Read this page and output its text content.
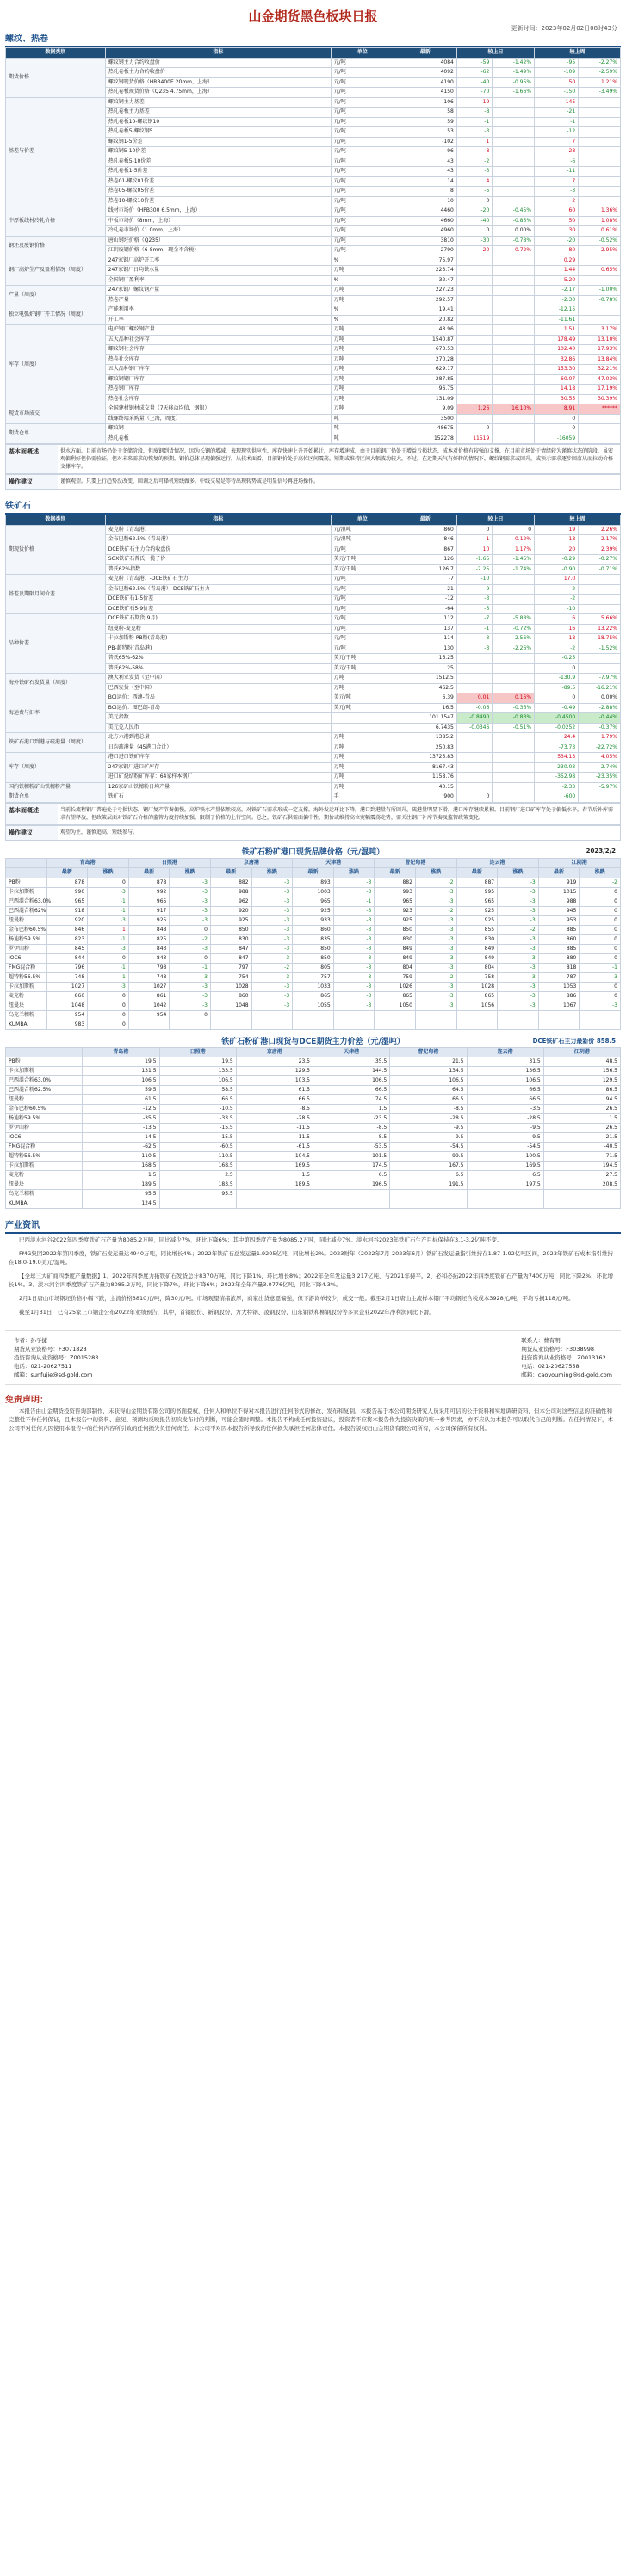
山金期货黑色板块日报
更新时间：2023年02月02日08时43分
螺纹、热卷
数据类别	指标	单位	最新	较上日		较上周	
期货价格	螺纹钢主力合约收盘价	元/吨	4084	-59	-1.42%	-95	-2.27%
	热轧卷板主力合约收盘价	元/吨	4092	-62	-1.49%	-109	-2.59%
	螺纹钢现货价格（HRB400E 20mm，上海）	元/吨	4190	-40	-0.95%	50	1.21%
	热轧卷板现货价格（Q235 4.75mm，上海）	元/吨	4150	-70	-1.66%	-150	-3.49%
基差与价差	螺纹钢主力基差	元/吨	106	19		145	
	热轧卷板主力基差	元/吨	58	-8		-21	
	热轧卷板10-螺纹钢10	元/吨	59	-1		-1	
	热轧卷板5-螺纹钢5	元/吨	53	-3		-12	
	螺纹钢1-5价差	元/吨	-102	1		7	
	螺纹钢5-10价差	元/吨	-96	8		28	
	热轧卷板5-10价差	元/吨	43	-2		-6	
	热轧卷板1-5价差	元/吨	43	-3		-11	
	热卷01-螺纹01价差	元/吨	14	4		7	
	热卷05-螺纹05价差	元/吨	8	-5		-3	
	热卷10-螺纹10价差	元/吨	10	0		2	
中厚板线材冷轧价格	线材市场价（HPB300 6.5mm，上海）	元/吨	4460	-20	-0.45%	60	1.36%
	中板市场价（8mm，上海）	元/吨	4660	-40	-0.85%	50	1.08%
	冷轧卷市场价（1.0mm，上海）	元/吨	4960	0	0.00%	30	0.61%
钢坯及废钢价格	唐山钢坯价格（Q235）	元/吨	3810	-30	-0.78%	-20	-0.52%
	江阴废钢价格（6-8mm，现金不含税）	元/吨	2790	20	0.72%	80	2.95%
钢厂高炉生产及盈利情况（周度）	247家钢厂高炉开工率	%	75.97			0.29	
	247家钢厂日均铁水量	万吨	223.74			1.44	0.65%
	全国钢厂盈利率	%	32.47			5.20	
产量（周度）	247家钢厂螺纹钢产量	万吨	227.23			-2.17	-1.00%
	热卷产量	万吨	292.57			-2.30	-0.78%
独立电弧炉钢厂开工情况（周度）	产能利用率	%	19.41			-12.15	
	开工率	%	20.82			-11.61	
库存（周度）	电炉钢厂螺纹钢产量	万吨	48.96			1.51	3.17%
	五大品种社会库存	万吨	1540.87			178.49	13.10%
	螺纹钢社会库存	万吨	673.53			102.40	17.93%
	热卷社会库存	万吨	270.28			32.86	13.84%
	五大品种钢厂库存	万吨	629.17			153.30	32.21%
	螺纹钢钢厂库存	万吨	287.85			60.07	47.03%
	热卷钢厂库存	万吨	96.75			14.18	17.19%
	热卷社会库存	万吨	131.09			30.55	30.39%
现货市场成交	全国建材钢材成交量（7天移动均值，钢银）	万吨	9.09	1.26	16.10%	8.91	******
	线螺终端采购量（上海，周度）	吨	3500			0	
期货仓单	螺纹钢	吨	48675	0		0	
	热轧卷板	吨	152278	11519		-16059	
基本面概述	供水方面，目前市场仍处于冬储阶段，但废钢到货情况，因为长钢的增减，表现现实供应性，库存快速上升开始累计，库存增速成，由于目前钢厂仍处于增益亏损状态，成本对价格有较强的支撑，在目前市场处于情绪较为谨慎状态的阶段，虽宏观偏利好但仍需验证，但对未来需求的恢复的预期，钢价总体呈现偏强运行，从技术面看，目前钢价处于高位区间震荡，短期或维持区间大幅波动较大，不过，在近期天气有好转的情况下，螺纹钢需求或回升，或预示需求逐步回落从而拉动价格支撑库存。
操作建议	谨慎观望。只要上行趋势没改变，回调之后可择机短线做多。中线交易是等待出现转势或是明显信号再进场操作。
铁矿石
数据类别	指标	单位	最新	较上日		较上周	
期现货价格	麦克粉（青岛港）	元/湿吨	860	0	0	19	2.26%
	金布巴粉62.5%（青岛港）	元/湿吨	846	1	0.12%	18	2.17%
	DCE铁矿石主力合约收盘价	元/吨	867	10	1.17%	20	2.39%
	SGX铁矿石普氏一揽子价	美元/干吨	126	-1.65	-1.45%	-0.29	-0.27%
	普氏62%指数	美元/干吨	126.7	-2.25	-1.74%	-0.90	-0.71%
基差及期限月间价差	麦克粉（青岛港）-DCE铁矿石主力	元/吨	-7	-10		17.0	
	金布巴粉62.5%（青岛港）-DCE铁矿石主力	元/吨	-21	-9		-2	
	DCE铁矿石1-5价差	元/吨	-12	-3		-2	
	DCE铁矿石5-9价差	元/吨	-64	-5		-10	
品种价差	DCE铁矿石期货(9月)	元/吨	112	-7	-5.88%	6	5.66%
	纽曼粉-麦克粉	元/吨	137	-1	-0.72%	16	13.22%
	卡拉加斯粉-PB粉(青岛港)	元/吨	114	-3	-2.56%	18	18.75%
	PB-超特粉(青岛港)	元/吨	130	-3	-2.26%	-2	-1.52%
	普氏65%-62%	美元/干吨	16.25			-0.25	
	普氏62%-58%	美元/干吨	25			0	
海外铁矿石发货量（周度）	澳大利亚发货（至中国）	万吨	1512.5			-130.9	-7.97%
	巴西发货（至中国）	万吨	462.5			-89.5	-16.21%
海运费与汇率	BCI运价：西澳-青岛	美元/吨	6.39	0.01	0.16%	0	0.00%
	BCI运价：图巴朗-青岛	美元/吨	16.5	-0.06	-0.36%	-0.49	-2.88%
	美元指数		101.1547	-0.8490	-0.83%	-0.4500	-0.44%
	美元兑人民币		6.7435	-0.0346	-0.51%	-0.0252	-0.37%
铁矿石港口到港与疏港量（周度）	北方六港到港总量	万吨	1385.2			24.4	1.79%
	日均疏港量（45港口合计）	万吨	250.83			-73.73	-22.72%
库存（周度）	港口进口铁矿库存	万吨	13725.83			534.13	4.05%
	247家钢厂进口矿库存	万吨	8167.43			-230.03	-2.74%
	进口矿烧结粉矿库存：64家样本钢厂	万吨	1158.76			-352.98	-23.35%
国内铁精粉矿山铁精粉产量	126家矿山铁精粉日均产量	万吨	40.15			-2.33	-5.97%
期货仓单	铁矿石	手	900	0		-600	
基本面概述	当前长流程钢厂普遍处于亏损状态，钢厂复产节奏偏慢，高炉铁水产量依然较高，对铁矿石需求形成一定支撑。海外发运环比下降，港口到港量有所回升，疏港量明显下滑，港口库存继续累积。目前钢厂进口矿库存处于偏低水平，春节后补库需求有望释放，但政策层面对铁矿石价格的监管力度持续加强，限制了价格的上行空间。总之，铁矿石供需面偏中性，期价或维持高位宽幅震荡走势，需关注钢厂补库节奏及监管政策变化。
操作建议	观望为主，谨慎追高，短线参与。
铁矿石粉矿港口现货品牌价格（元/湿吨）	2023/2/2
	青岛港		日照港		京唐港		天津港		曹妃甸港		连云港		江阴港	
	最新	涨跌	最新	涨跌	最新	涨跌	最新	涨跌	最新	涨跌	最新	涨跌	最新	涨跌
PB粉	878	0	878	-3	882	-3	893	-3	882	-2	887	-3	919	-2
卡拉加斯粉	990	-3	992	-3	988	-3	1003	-3	993	-3	995	-3	1015	0
巴西混合粉63.0%	965	-1	965	-3	962	-3	965	-1	965	-3	965	-3	988	0
巴西混合粉62%	918	-1	917	-3	920	-3	925	-3	923	-2	925	-3	945	0
纽曼粉	920	-3	925	-3	925	-3	933	-3	925	-3	925	-3	953	0
金布巴粉60.5%	846	1	848	0	850	-3	860	-3	850	-3	855	-2	885	0
杨迪粉59.5%	823	-1	825	-2	830	-3	835	-3	830	-3	830	-3	860	0
罗伊山粉	845	-3	843	-3	847	-3	850	-3	849	-3	849	-3	885	0
IOC6	844	0	843	0	847	-3	850	-3	849	-3	849	-3	880	0
FMG混合粉	796	-1	798	-1	797	-2	805	-3	804	-3	804	-3	818	-1
超特粉56.5%	748	-1	748	-3	754	-3	757	-3	759	-2	758	-3	787	-3
卡拉加斯粉	1027	-3	1027	-3	1028	-3	1033	-3	1026	-3	1028	-3	1053	0
麦克粉	860	0	861	-3	860	-3	865	-3	865	-3	865	-3	886	0
纽曼块	1048	0	1042	-3	1048	-3	1055	-3	1050	-3	1056	-3	1067	-3
乌克兰精粉	954	0	954	0										
KUMBA	983	0												
铁矿石粉矿港口现货与DCE期货主力价差（元/湿吨）	DCE铁矿石主力最新价 858.5
	青岛港	日照港	京唐港	天津港	曹妃甸港	连云港	江阴港
PB粉	19.5	19.5	23.5	35.5	21.5	31.5	48.5
卡拉加斯粉	131.5	133.5	129.5	144.5	134.5	136.5	156.5
巴西混合粉63.0%	106.5	106.5	103.5	106.5	106.5	106.5	129.5
巴西混合粉62.5%	59.5	58.5	61.5	66.5	64.5	66.5	86.5
纽曼粉	61.5	66.5	66.5	74.5	66.5	66.5	94.5
金布巴粉60.5%	-12.5	-10.5	-8.5	1.5	-8.5	-3.5	26.5
杨迪粉59.5%	-35.5	-33.5	-28.5	-23.5	-28.5	-28.5	1.5
罗伊山粉	-13.5	-15.5	-11.5	-8.5	-9.5	-9.5	26.5
IOC6	-14.5	-15.5	-11.5	-8.5	-9.5	-9.5	21.5
FMG混合粉	-62.5	-60.5	-61.5	-53.5	-54.5	-54.5	-40.5
超特粉56.5%	-110.5	-110.5	-104.5	-101.5	-99.5	-100.5	-71.5
卡拉加斯粉	168.5	168.5	169.5	174.5	167.5	169.5	194.5
麦克粉	1.5	2.5	1.5	6.5	6.5	6.5	27.5
纽曼块	189.5	183.5	189.5	196.5	191.5	197.5	208.5
乌克兰精粉	95.5	95.5					
KUMBA	124.5						
产业资讯

巴西淡水河谷2022年四季度铁矿石产量为8085.2万吨，同比减少7%，环比下降6%；其中第四季度产量为8085.2万吨，同比减少7%。淡水河谷2023年铁矿石生产目标保持在3.1-3.2亿吨不变。

FMG集团2022年第四季度，铁矿石发运量达4940万吨，同比增长4%；2022年铁矿石总发运量1.9205亿吨，同比增长2%。2023财年（2022年7月-2023年6月）铁矿石发运量指引维持在1.87-1.92亿吨区间，2023年铁矿石成本指引维持在18.0-19.0美元/湿吨。

【全球三大矿商四季度产量数据】1、2022年四季度力拓铁矿石发货总计8370万吨，同比下降1%，环比增长8%；2022年全年发运量3.217亿吨，与2021年持平。2、必和必拓2022年四季度铁矿石产量为7400万吨，同比下降2%，环比增长1%。3、淡水河谷四季度铁矿石产量为8085.2万吨，同比下降7%，环比下降6%；2022年全年产量3.0776亿吨，同比下降4.3%。

2月1日唐山市场钢坯价格小幅下跌，主流价格3810元/吨，降30元/吨。市场观望情绪浓厚，商家出货意愿偏强，但下游询单较少，成交一般。截至2月1日唐山主流样本钢厂平均钢坯含税成本3928元/吨，平均亏损118元/吨。

截至1月31日，已有25家上市钢企公布2022年业绩预告，其中，首钢股份、新钢股份、方大特钢、凌钢股份、山东钢铁和柳钢股份等多家企业2022年净利润同比下滑。

作者：孙孚捷
期货从业资格号：F3071828
投资咨询从业资格号：Z0015283
电话：021-20627511
邮箱：sunfujie@sd-gold.com
联系人：曹有明
期货从业资格号：F3038998
投资咨询从业资格号：Z0013162
电话：021-20627558
邮箱：caoyouming@sd-gold.com
免责声明：
本报告由山金期货投资咨询部制作，未获得山金期货有限公司的书面授权，任何人和单位不得对本报告进行任何形式的修改、发布和复制。本报告基于本公司期货研究人员采用可信的公开资料和实地调研资料，但本公司对这些信息的准确性和完整性不作任何保证，且本报告中的资料、意见、预测均反映报告初次发布时的判断，可能会随时调整。本报告不构成任何投资建议，投资者不应将本报告作为投资决策的唯一参考因素，亦不应认为本报告可以取代自己的判断。在任何情况下，本公司不对任何人因使用本报告中的任何内容所引致的任何损失负任何责任。本公司不对因本报告所导致的任何损失承担任何法律责任。本报告版权归山金期货有限公司所有，本公司保留所有权利。
